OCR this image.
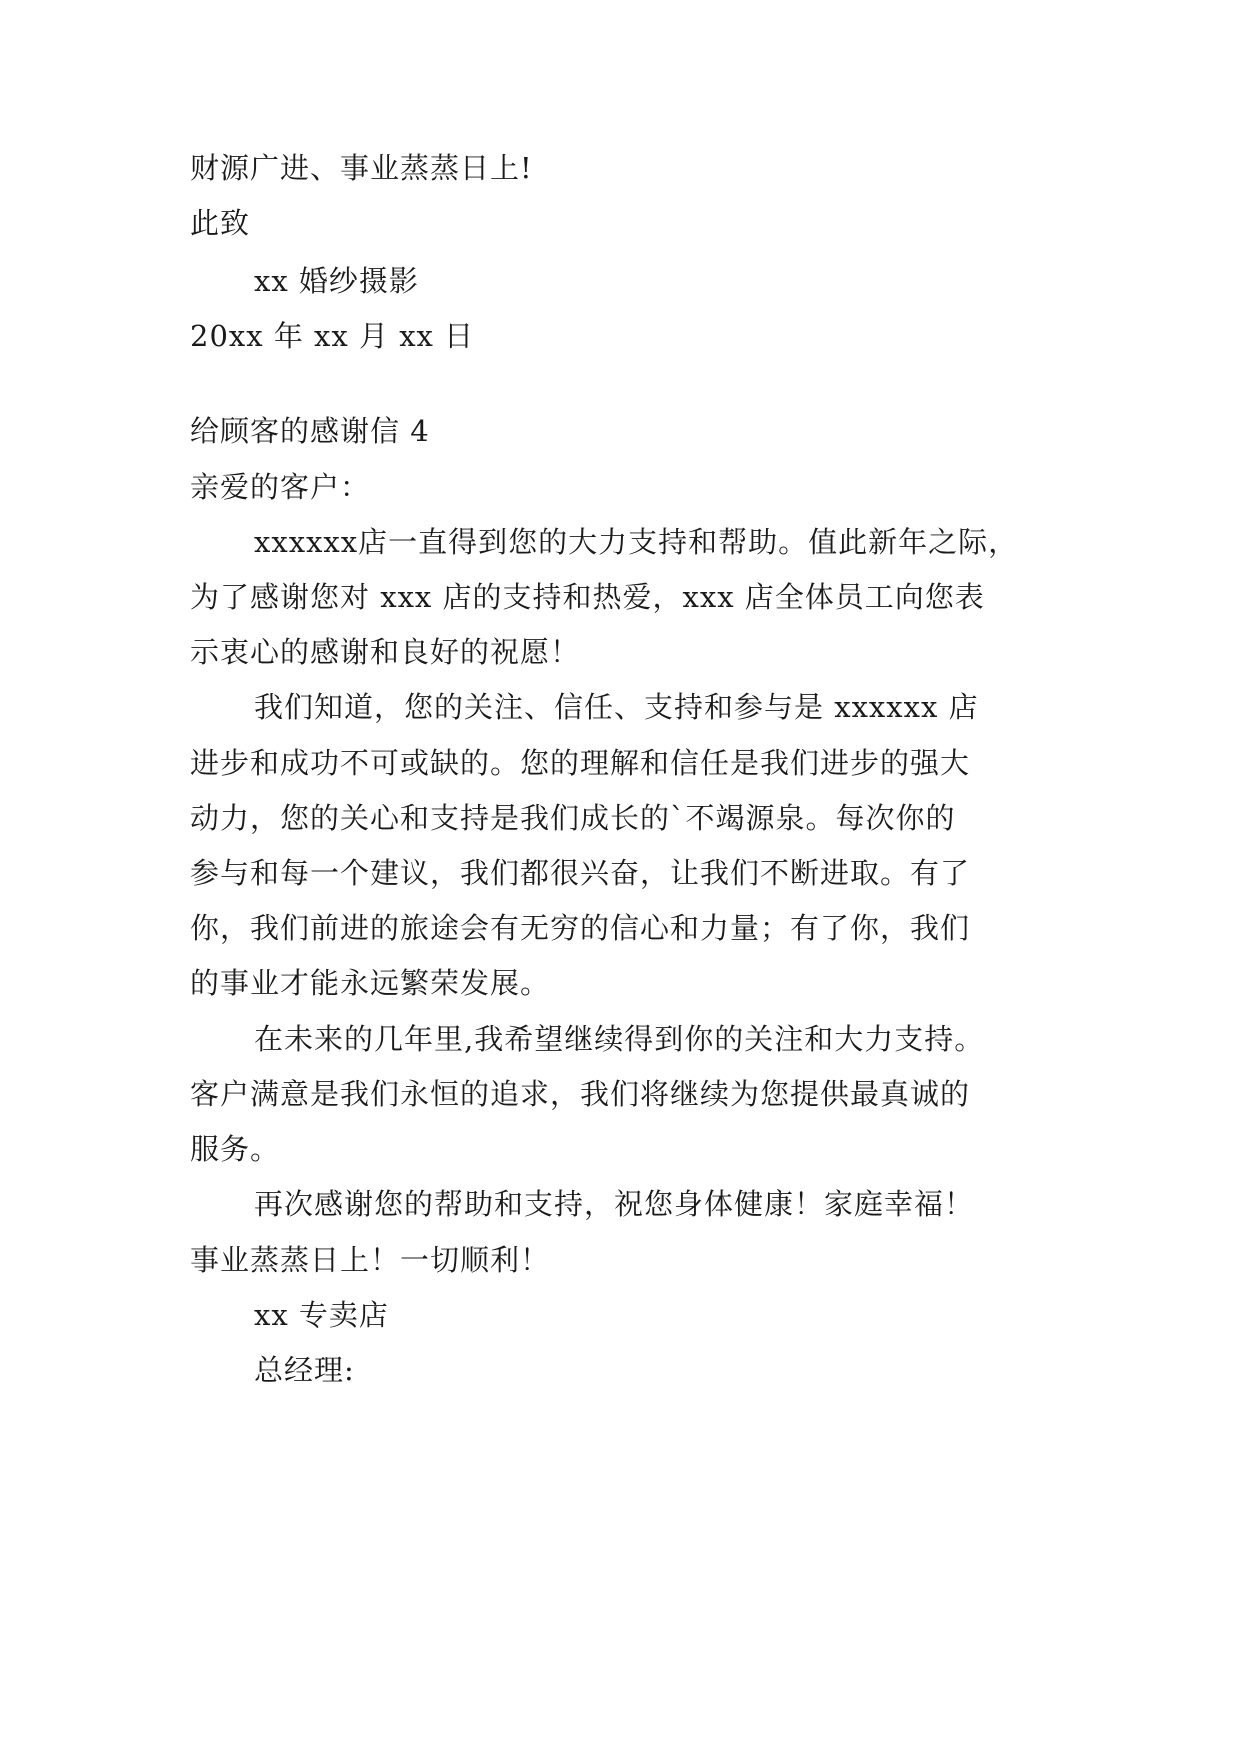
财源广进、事业蒸蒸日上!
此致
xx 婚纱摄影
20xx 年 xx 月 xx 日
给顾客的感谢信 4
亲爱的客户：
xxxxxx店一直得到您的大力支持和帮助。值此新年之际，
为了感谢您对 xxx 店的支持和热爱，xxx 店全体员工向您表
示衷心的感谢和良好的祝愿！
我们知道，您的关注、信任、支持和参与是 xxxxxx 店
进步和成功不可或缺的。您的理解和信任是我们进步的强大
动力，您的关心和支持是我们成长的`不竭源泉。每次你的
参与和每一个建议，我们都很兴奋，让我们不断进取。有了
你，我们前进的旅途会有无穷的信心和力量；有了你，我们
的事业才能永远繁荣发展。
在未来的几年里,我希望继续得到你的关注和大力支持。
客户满意是我们永恒的追求，我们将继续为您提供最真诚的
服务。
再次感谢您的帮助和支持，祝您身体健康！家庭幸福！
事业蒸蒸日上！一切顺利！
xx 专卖店
总经理:
